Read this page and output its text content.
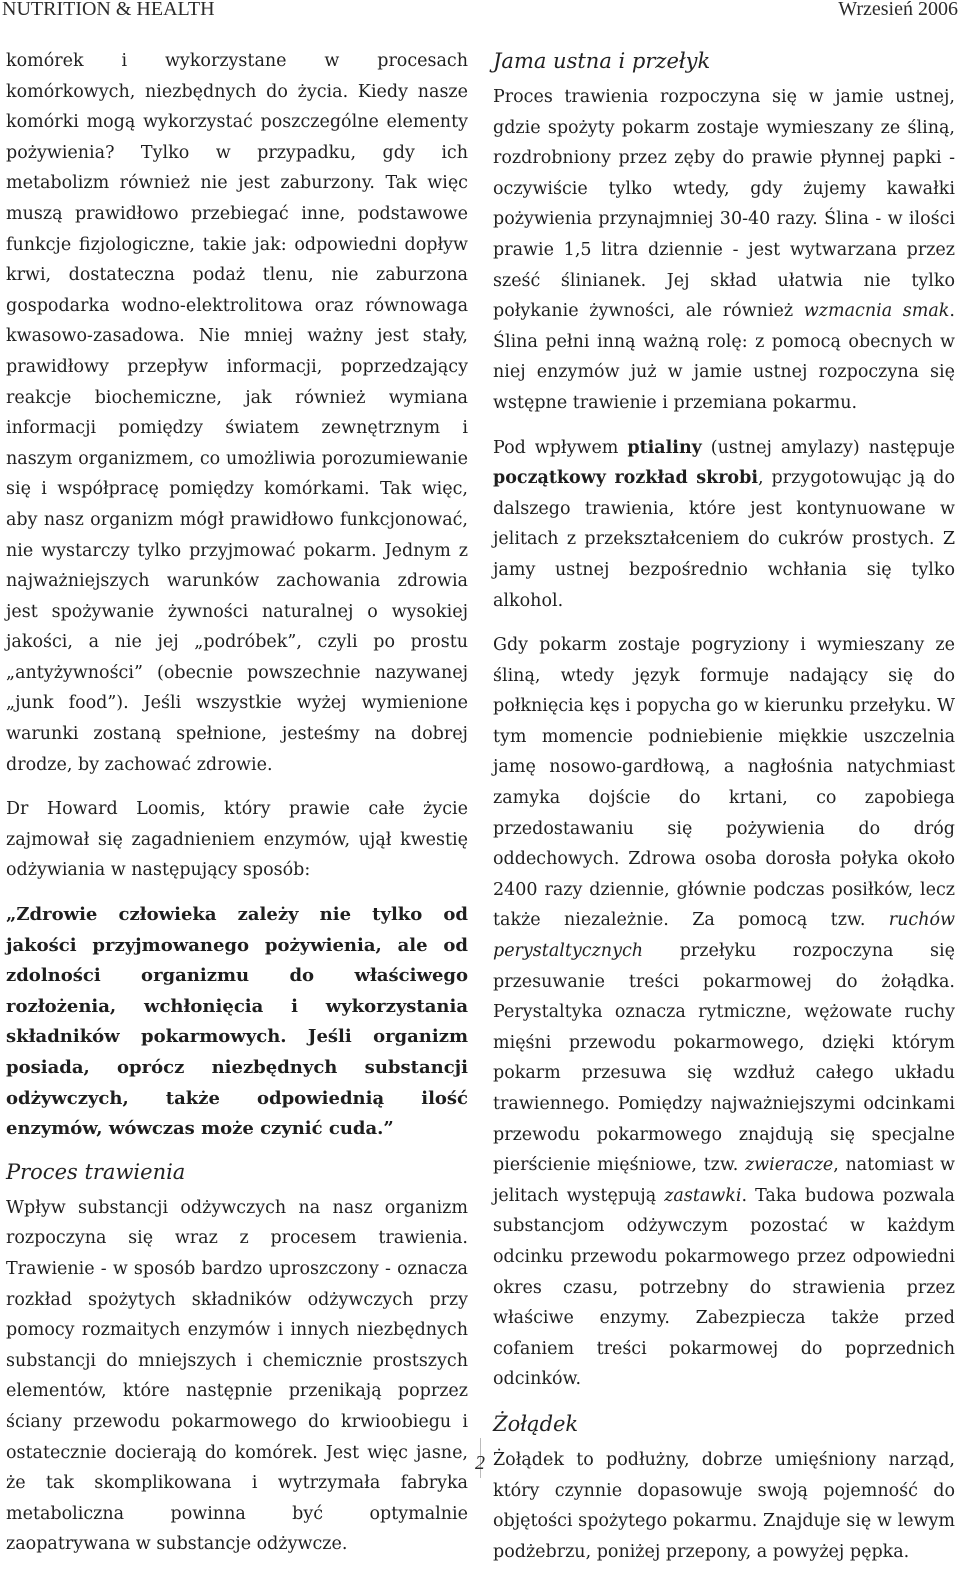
NUTRITION & HEALTH	Wrzesień 2006

komórek i wykorzystane w procesach komórkowych, niezbędnych do życia. Kiedy nasze komórki mogą wykorzystać poszczególne elementy pożywienia? Tylko w przypadku, gdy ich metabolizm również nie jest zaburzony. Tak więc muszą prawidłowo przebiegać inne, podstawowe funkcje fizjologiczne, takie jak: odpowiedni dopływ krwi, dostateczna podaż tlenu, nie zaburzona gospodarka wodno-elektrolitowa oraz równowaga kwasowo-zasadowa. Nie mniej ważny jest stały, prawidłowy przepływ informacji, poprzedzający reakcje biochemiczne, jak również wymiana informacji pomiędzy światem zewnętrznym i naszym organizmem, co umożliwia porozumiewanie się i współpracę pomiędzy komórkami. Tak więc, aby nasz organizm mógł prawidłowo funkcjonować, nie wystarczy tylko przyjmować pokarm. Jednym z najważniejszych warunków zachowania zdrowia jest spożywanie żywności naturalnej o wysokiej jakości, a nie jej „podróbek”, czyli po prostu „antyżywności” (obecnie powszechnie nazywanej „junk food”). Jeśli wszystkie wyżej wymienione warunki zostaną spełnione, jesteśmy na dobrej drodze, by zachować zdrowie.

Dr Howard Loomis, który prawie całe życie zajmował się zagadnieniem enzymów, ujął kwestię odżywiania w następujący sposób:

„Zdrowie człowieka zależy nie tylko od jakości przyjmowanego pożywienia, ale od zdolności organizmu do właściwego rozłożenia, wchłonięcia i wykorzystania składników pokarmowych. Jeśli organizm posiada, oprócz niezbędnych substancji odżywczych, także odpowiednią ilość enzymów, wówczas może czynić cuda.”

Proces trawienia

Wpływ substancji odżywczych na nasz organizm rozpoczyna się wraz z procesem trawienia. Trawienie - w sposób bardzo uproszczony - oznacza rozkład spożytych składników odżywczych przy pomocy rozmaitych enzymów i innych niezbędnych substancji do mniejszych i chemicznie prostszych elementów, które następnie przenikają poprzez ściany przewodu pokarmowego do krwioobiegu i ostatecznie docierają do komórek. Jest więc jasne, że tak skomplikowana i wytrzymała fabryka metaboliczna powinna być optymalnie zaopatrywana w substancje odżywcze.

Jama ustna i przełyk

Proces trawienia rozpoczyna się w jamie ustnej, gdzie spożyty pokarm zostaje wymieszany ze śliną, rozdrobniony przez zęby do prawie płynnej papki - oczywiście tylko wtedy, gdy żujemy kawałki pożywienia przynajmniej 30-40 razy. Ślina - w ilości prawie 1,5 litra dziennie - jest wytwarzana przez sześć ślinianek. Jej skład ułatwia nie tylko połykanie żywności, ale również wzmacnia smak. Ślina pełni inną ważną rolę: z pomocą obecnych w niej enzymów już w jamie ustnej rozpoczyna się wstępne trawienie i przemiana pokarmu.

Pod wpływem ptialiny (ustnej amylazy) następuje początkowy rozkład skrobi, przygotowując ją do dalszego trawienia, które jest kontynuowane w jelitach z przekształceniem do cukrów prostych. Z jamy ustnej bezpośrednio wchłania się tylko alkohol.

Gdy pokarm zostaje pogryziony i wymieszany ze śliną, wtedy język formuje nadający się do połknięcia kęs i popycha go w kierunku przełyku. W tym momencie podniebienie miękkie uszczelnia jamę nosowo-gardłową, a nagłośnia natychmiast zamyka dojście do krtani, co zapobiega przedostawaniu się pożywienia do dróg oddechowych. Zdrowa osoba dorosła połyka około 2400 razy dziennie, głównie podczas posiłków, lecz także niezależnie. Za pomocą tzw. ruchów perystaltycznych przełyku rozpoczyna się przesuwanie treści pokarmowej do żołądka. Perystaltyka oznacza rytmiczne, wężowate ruchy mięśni przewodu pokarmowego, dzięki którym pokarm przesuwa się wzdłuż całego układu trawiennego. Pomiędzy najważniejszymi odcinkami przewodu pokarmowego znajdują się specjalne pierścienie mięśniowe, tzw. zwieracze, natomiast w jelitach występują zastawki. Taka budowa pozwala substancjom odżywczym pozostać w każdym odcinku przewodu pokarmowego przez odpowiedni okres czasu, potrzebny do strawienia przez właściwe enzymy. Zabezpiecza także przed cofaniem treści pokarmowej do poprzednich odcinków.

Żołądek

Żołądek to podłużny, dobrze umięśniony narząd, który czynnie dopasowuje swoją pojemność do objętości spożytego pokarmu. Znajduje się w lewym podżebrzu, poniżej przepony, a powyżej pępka.

2
